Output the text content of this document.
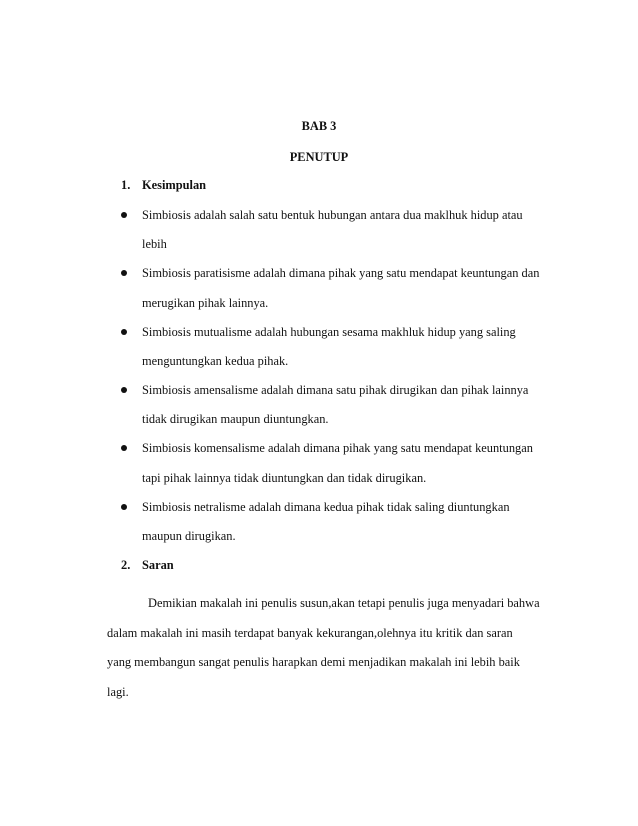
BAB 3
PENUTUP
1. Kesimpulan
Simbiosis adalah salah satu bentuk hubungan antara dua maklhuk hidup atau
lebih
Simbiosis paratisisme adalah dimana pihak yang satu mendapat keuntungan dan
merugikan pihak lainnya.
Simbiosis mutualisme adalah hubungan sesama makhluk hidup yang saling
menguntungkan kedua pihak.
Simbiosis amensalisme adalah dimana satu pihak dirugikan dan pihak lainnya
tidak dirugikan maupun diuntungkan.
Simbiosis komensalisme adalah dimana pihak yang satu mendapat keuntungan
tapi pihak lainnya tidak diuntungkan dan tidak dirugikan.
Simbiosis netralisme adalah dimana kedua pihak tidak saling diuntungkan
maupun dirugikan.
2. Saran
Demikian makalah ini penulis susun,akan tetapi penulis juga menyadari bahwa
dalam makalah ini masih terdapat banyak kekurangan,olehnya itu kritik dan saran
yang membangun sangat penulis harapkan demi menjadikan makalah ini lebih baik
lagi.
